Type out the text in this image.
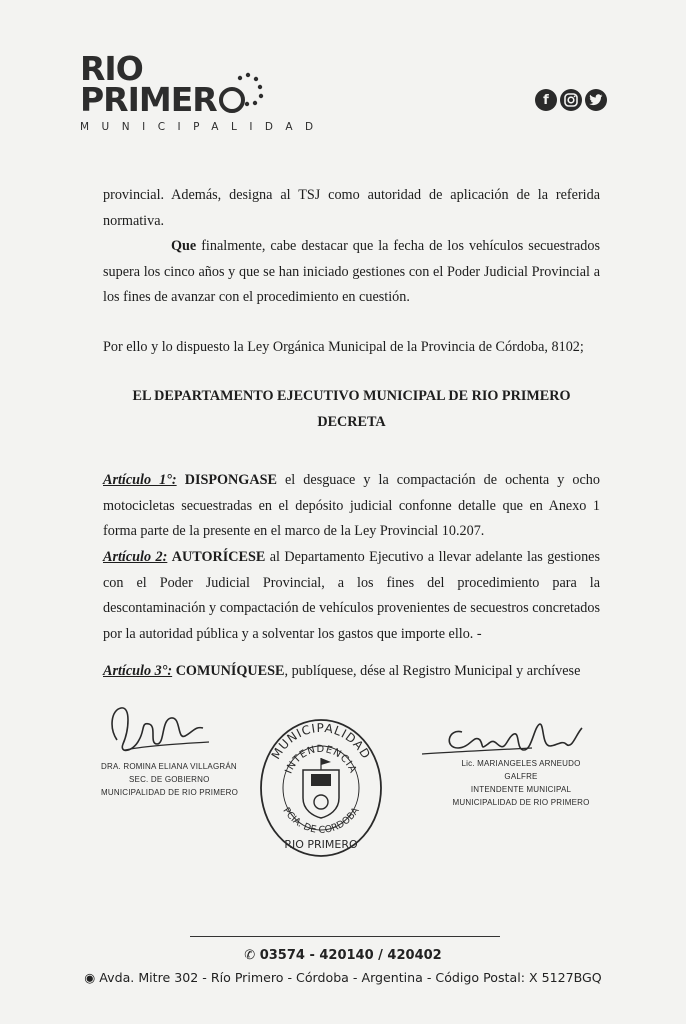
RIO
PRIMER
MUNICIPALIDAD
f
provincial. Además, designa al TSJ como autoridad de aplicación de la referida normativa.
Que finalmente, cabe destacar que la fecha de los vehículos secuestrados supera los cinco años y que se han iniciado gestiones con el Poder Judicial Provincial a los fines de avanzar con el procedimiento en cuestión.
Por ello y lo dispuesto la Ley Orgánica Municipal de la Provincia de Córdoba, 8102;
EL DEPARTAMENTO EJECUTIVO MUNICIPAL DE RIO PRIMERO
DECRETA
Artículo 1°: DISPONGASE el desguace y la compactación de ochenta y ocho motocicletas secuestradas en el depósito judicial confonne detalle que en Anexo 1 forma parte de la presente en el marco de la Ley Provincial 10.207.
Artículo 2: AUTORÍCESE al Departamento Ejecutivo a llevar adelante las gestiones con el Poder Judicial Provincial, a los fines del procedimiento para la descontaminación y compactación de vehículos provenientes de secuestros concretados por la autoridad pública y a solventar los gastos que importe ello. -
Artículo 3°: COMUNÍQUESE, publíquese, dése al Registro Municipal y archívese
DRA. ROMINA ELIANA VILLAGRÁN
SEC. DE GOBIERNO
MUNICIPALIDAD DE RIO PRIMERO
MUNICIPALIDAD
INTENDENCIA
PCIA. DE CORDOBA
RIO PRIMERO
Lic. MARIANGELES ARNEUDO GALFRE
INTENDENTE MUNICIPAL
MUNICIPALIDAD DE RIO PRIMERO
✆ 03574 - 420140 / 420402
◉ Avda. Mitre 302 - Río Primero - Córdoba - Argentina - Código Postal: X 5127BGQ
